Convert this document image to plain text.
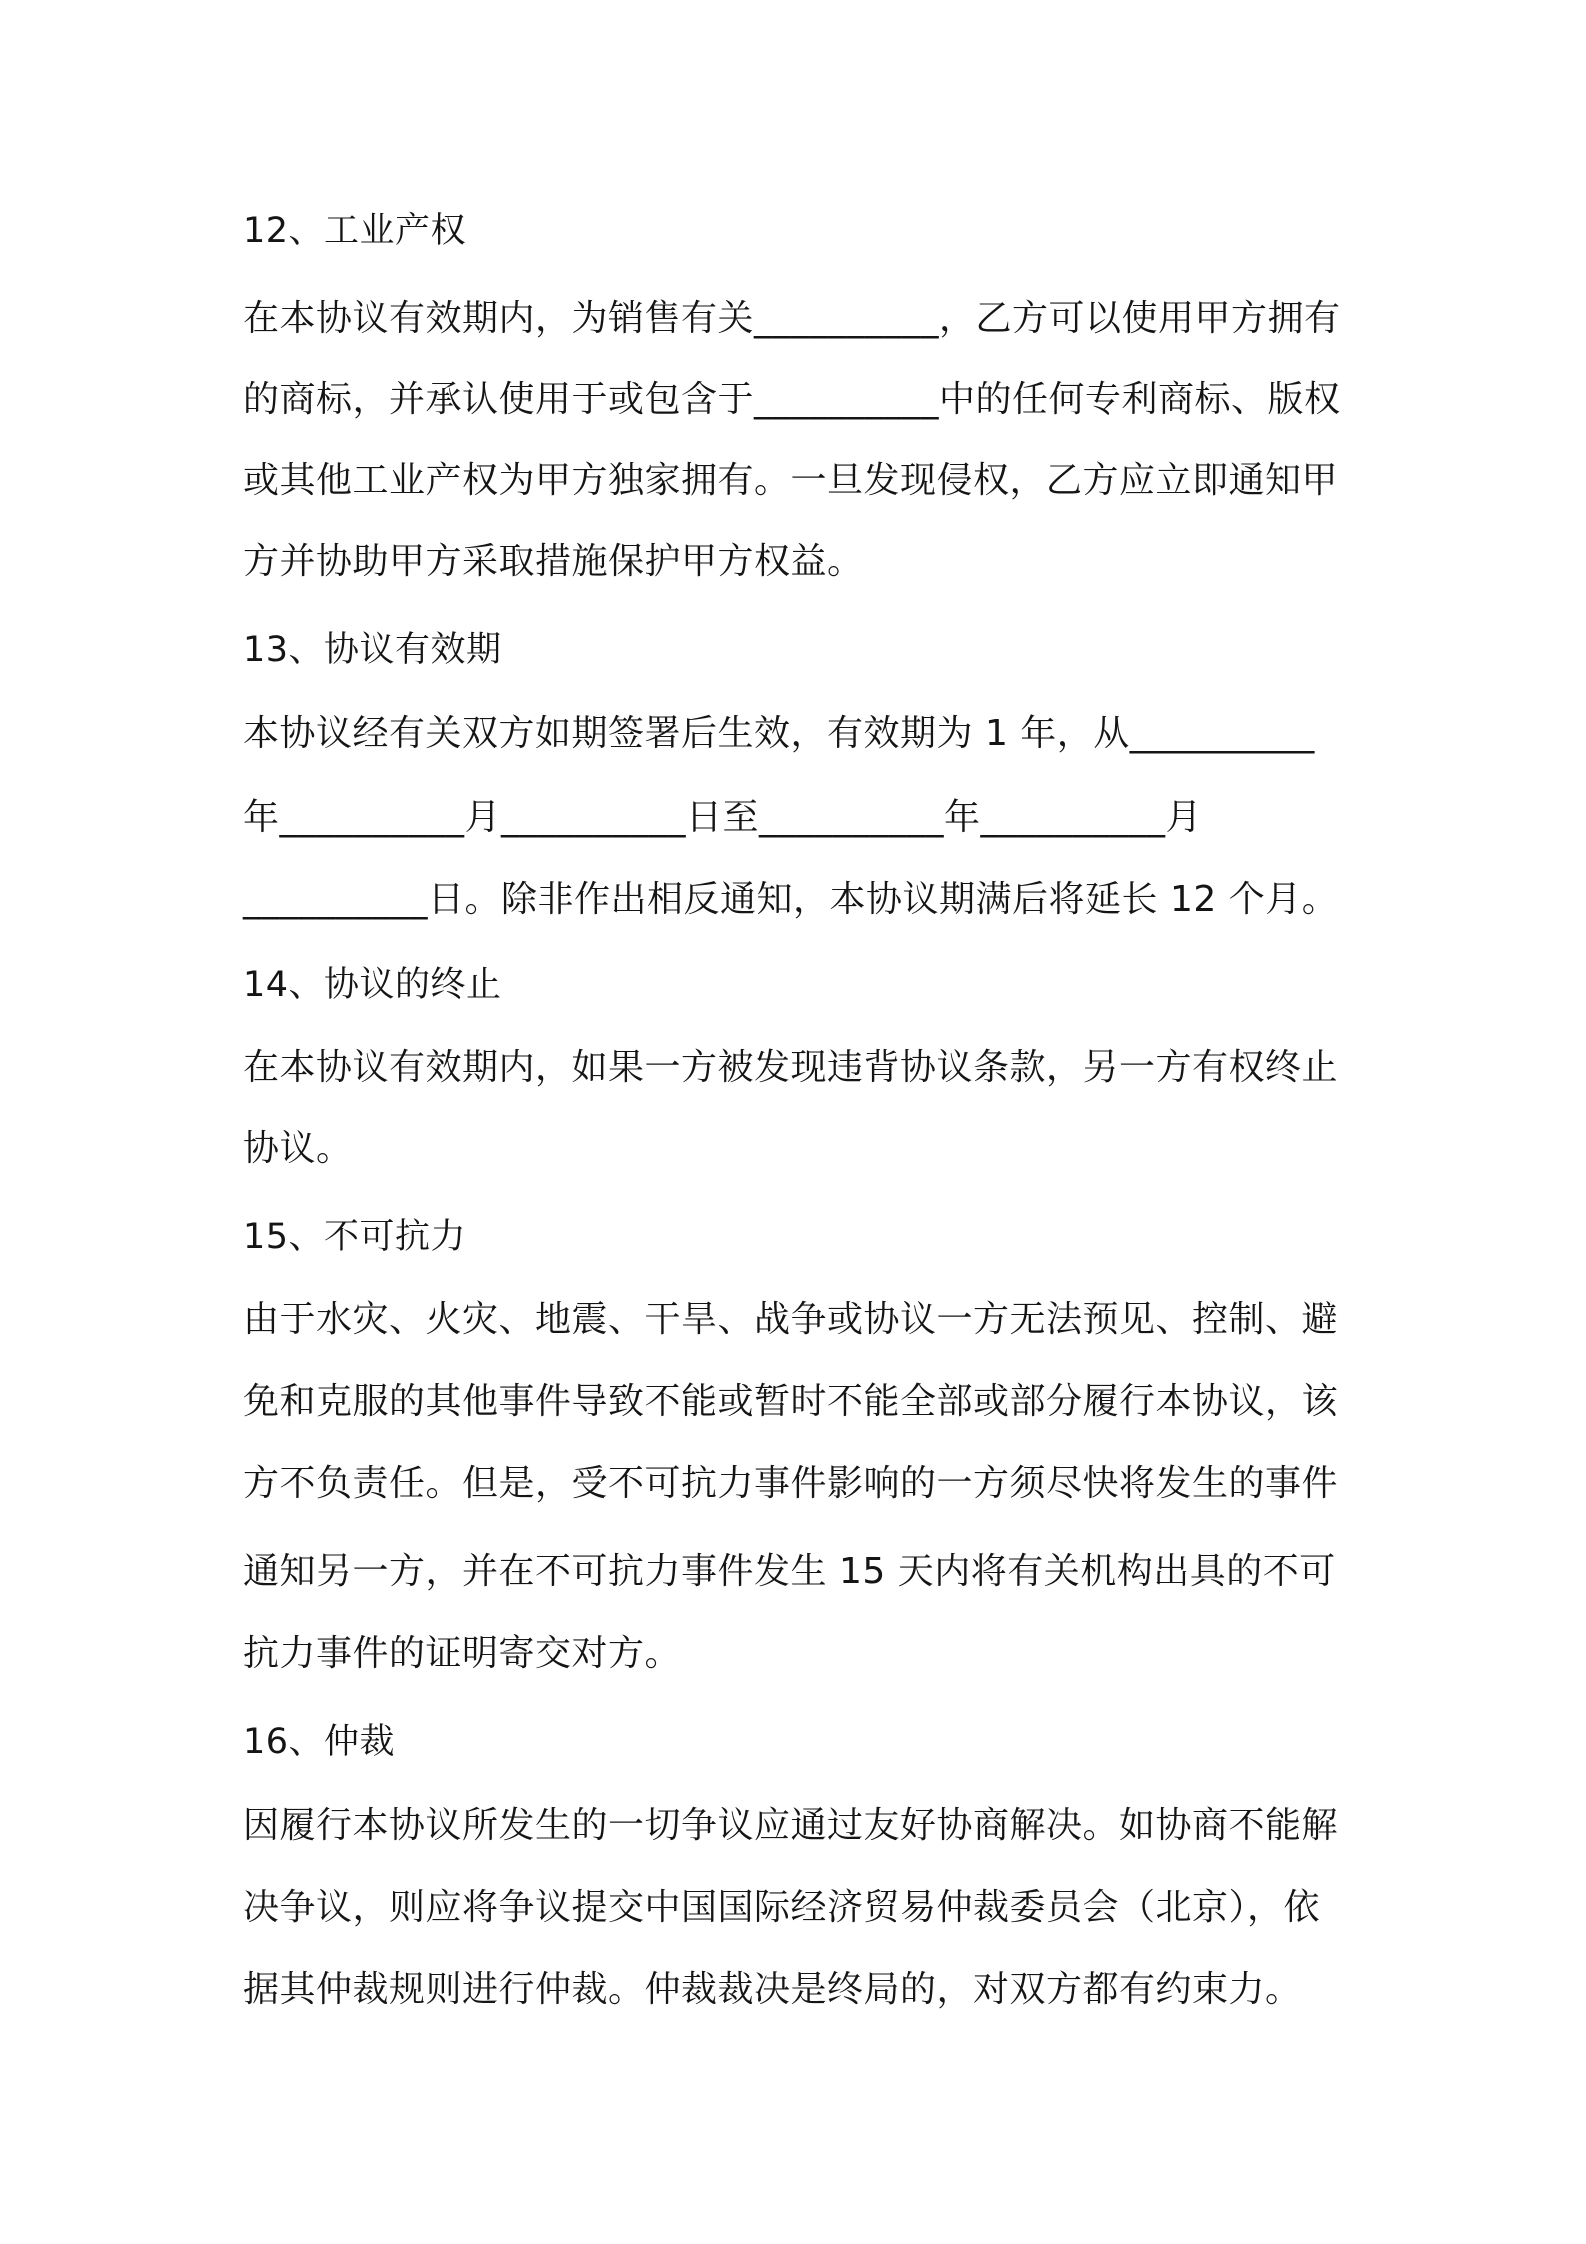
12、工业产权
在本协议有效期内，为销售有关__________，乙方可以使用甲方拥有
的商标，并承认使用于或包含于__________中的任何专利商标、版权
或其他工业产权为甲方独家拥有。一旦发现侵权，乙方应立即通知甲
方并协助甲方采取措施保护甲方权益。
13、协议有效期
本协议经有关双方如期签署后生效，有效期为 1 年，从__________
年__________月__________日至__________年__________月
__________日。除非作出相反通知，本协议期满后将延长 12 个月。
14、协议的终止
在本协议有效期内，如果一方被发现违背协议条款，另一方有权终止
协议。
15、不可抗力
由于水灾、火灾、地震、干旱、战争或协议一方无法预见、控制、避
免和克服的其他事件导致不能或暂时不能全部或部分履行本协议，该
方不负责任。但是，受不可抗力事件影响的一方须尽快将发生的事件
通知另一方，并在不可抗力事件发生 15 天内将有关机构出具的不可
抗力事件的证明寄交对方。
16、仲裁
因履行本协议所发生的一切争议应通过友好协商解决。如协商不能解
决争议，则应将争议提交中国国际经济贸易仲裁委员会（北京），依
据其仲裁规则进行仲裁。仲裁裁决是终局的，对双方都有约束力。
